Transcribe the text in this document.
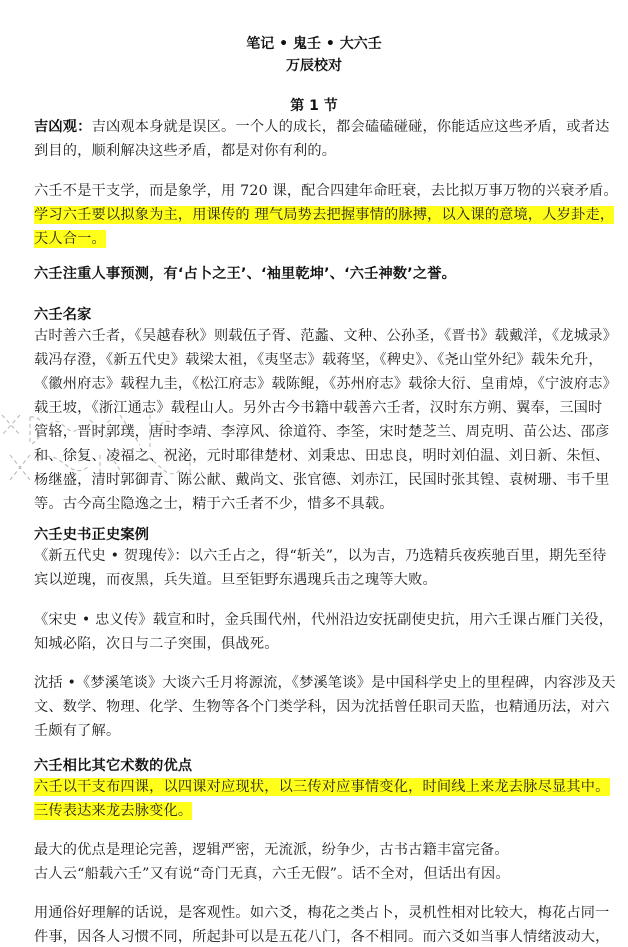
笔记 • 鬼壬 • 大六壬
万辰校对
第 1 节
吉凶观：吉凶观本身就是误区。一个人的成长，都会磕磕碰碰，你能适应这些矛盾，或者达
到目的，顺利解决这些矛盾，都是对你有利的。
六壬不是干支学，而是象学，用 720 课，配合四建年命旺衰，去比拟万事万物的兴衰矛盾。
学习六壬要以拟象为主，用课传的 理气局势去把握事情的脉搏，以入课的意境，人岁卦走，
天人合一。
六壬注重人事预测，有‘占卜之王’、‘袖里乾坤’、‘六壬神数’之誉。
六壬名家
古时善六壬者，《吴越春秋》则载伍子胥、范蠡、文种、公孙圣，《晋书》载戴洋，《龙城录》
载冯存澄，《新五代史》载梁太祖，《夷坚志》载蒋坚，《稗史》、《尧山堂外纪》载朱允升，
《徽州府志》载程九圭，《松江府志》载陈鲲，《苏州府志》载徐大衍、皇甫焯，《宁波府志》
载王坡，《浙江通志》载程山人。另外古今书籍中载善六壬者，汉时东方朔、翼奉，三国时
管辂，晋时郭璞，唐时李靖、李淳风、徐道符、李筌，宋时楚芝兰、周克明、苗公达、邵彦
和、徐复、凌福之、祝泌，元时耶律楚材、刘秉忠、田忠良，明时刘伯温、刘日新、朱恒、
杨继盛，清时郭御青、陈公献、戴尚文、张官德、刘赤江，民国时张其锽、袁树珊、韦千里
等。古今高尘隐逸之士，精于六壬者不少，惜多不具载。
六壬史书正史案例
《新五代史 • 贺瑰传》：以六壬占之，得“斩关”，以为吉，乃选精兵夜疾驰百里，期先至待
宾以逆瑰，而夜黑，兵失道。旦至钜野东遇瑰兵击之瑰等大败。
《宋史 • 忠义传》载宣和时，金兵围代州，代州沿边安抚副使史抗，用六壬课占雁门关役，
知城必陷，次日与二子突围，俱战死。
沈括 •《梦溪笔谈》大谈六壬月将源流，《梦溪笔谈》是中国科学史上的里程碑，内容涉及天
文、数学、物理、化学、生物等各个门类学科，因为沈括曾任职司天监，也精通历法，对六
壬颇有了解。
六壬相比其它术数的优点
六壬以干支布四课，以四课对应现状，以三传对应事情变化，时间线上来龙去脉尽显其中。
三传表达来龙去脉变化。
最大的优点是理论完善，逻辑严密，无流派，纷争少，古书古籍丰富完备。
古人云“船载六壬”又有说“奇门无真，六壬无假”。话不全对，但话出有因。
用通俗好理解的话说，是客观性。如六爻，梅花之类占卜，灵机性相对比较大，梅花占同一
件事，因各人习惯不同，所起卦可以是五花八门，各不相同。而六爻如当事人情绪波动大，
